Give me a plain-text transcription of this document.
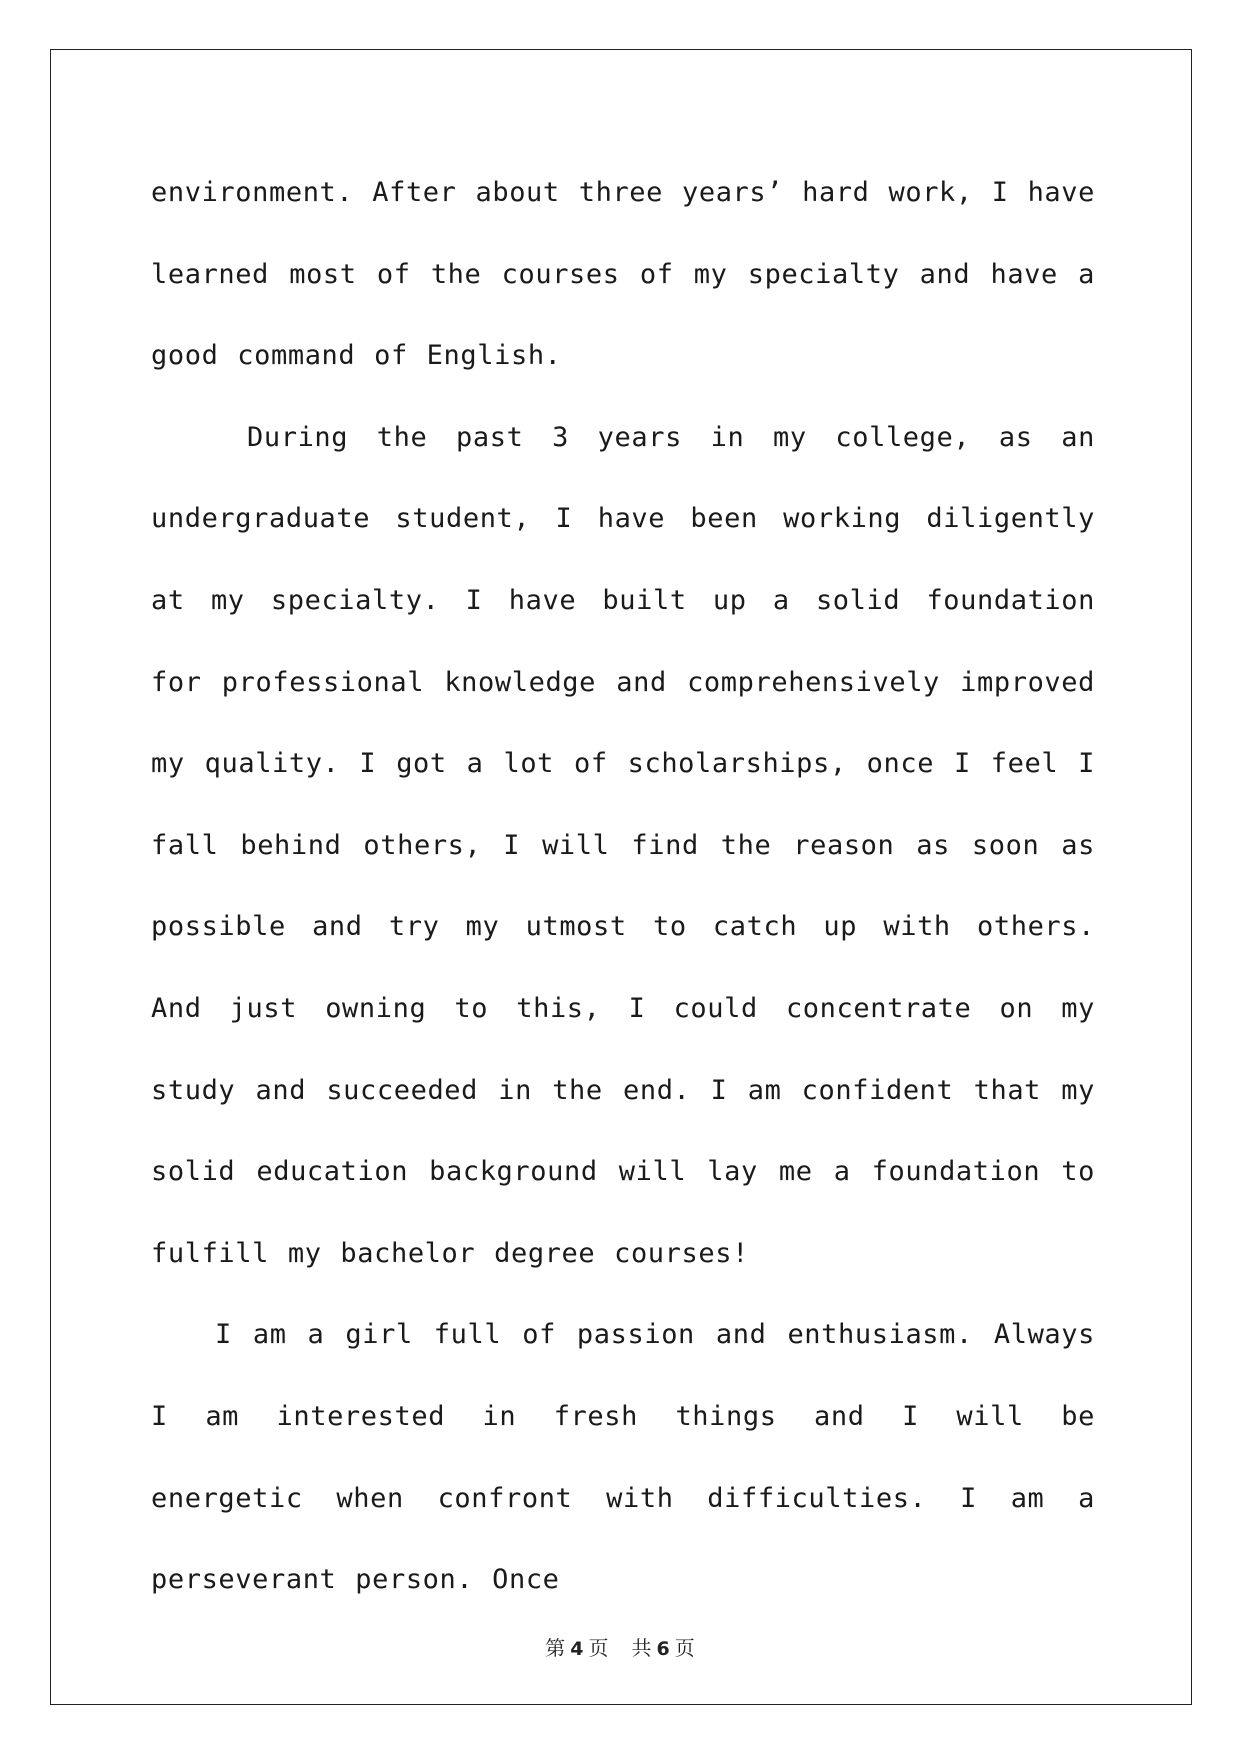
environment. After about three years’ hard work, I have learned most of the courses of my specialty and have a good command of English.

During the past 3 years in my college, as an undergraduate student, I have been working diligently at my specialty. I have built up a solid foundation for professional knowledge and comprehensively improved my quality. I got a lot of scholarships, once I feel I fall behind others, I will find the reason as soon as possible and try my utmost to catch up with others. And just owning to this, I could concentrate on my study and succeeded in the end. I am confident that my solid education background will lay me a foundation to fulfill my bachelor degree courses!

I am a girl full of passion and enthusiasm. Always I am interested in fresh things and I will be energetic when confront with difficulties. I am a perseverant person. Once

第 4 页 共 6 页
